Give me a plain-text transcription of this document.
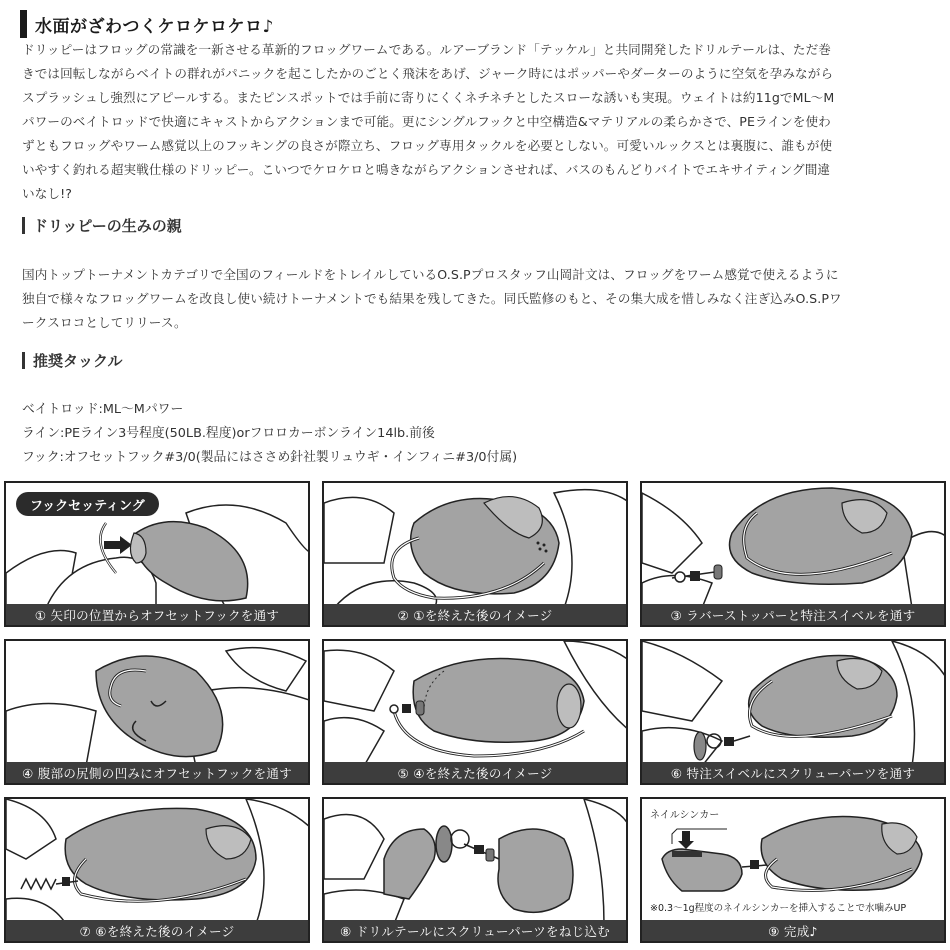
水面がざわつくケロケロケロ♪
ドリッピーはフロッグの常識を一新させる革新的フロッグワームである。ルアーブランド「テッケル」と共同開発したドリルテールは、ただ巻
きでは回転しながらベイトの群れがパニックを起こしたかのごとく飛沫をあげ、ジャーク時にはポッパーやダーターのように空気を孕みながら
スプラッシュし強烈にアピールする。またピンスポットでは手前に寄りにくくネチネチとしたスローな誘いも実現。ウェイトは約11gでML～M
パワーのベイトロッドで快適にキャストからアクションまで可能。更にシングルフックと中空構造&マテリアルの柔らかさで、PEラインを使わ
ずともフロッグやワーム感覚以上のフッキングの良さが際立ち、フロッグ専用タックルを必要としない。可愛いルックスとは裏腹に、誰もが使
いやすく釣れる超実戦仕様のドリッピー。こいつでケロケロと鳴きながらアクションさせれば、バスのもんどりバイトでエキサイティング間違
いなし!?
ドリッピーの生みの親
国内トップトーナメントカテゴリで全国のフィールドをトレイルしているO.S.Pプロスタッフ山岡計文は、フロッグをワーム感覚で使えるように
独自で様々なフロッグワームを改良し使い続けトーナメントでも結果を残してきた。同氏監修のもと、その集大成を惜しみなく注ぎ込みO.S.Pワ
ークスロコとしてリリース。
推奨タックル
ベイトロッド:ML～Mパワー
ライン:PEライン3号程度(50LB.程度)orフロロカーボンライン14lb.前後
フック:オフセットフック#3/0(製品にはささめ針社製リュウギ・インフィニ#3/0付属)
フックセッティング
① 矢印の位置からオフセットフックを通す	② ①を終えた後のイメージ	③ ラバーストッパーと特注スイベルを通す
④ 腹部の尻側の凹みにオフセットフックを通す	⑤ ④を終えた後のイメージ	⑥ 特注スイベルにスクリューパーツを通す
⑦ ⑥を終えた後のイメージ	⑧ ドリルテールにスクリューパーツをねじ込む
ネイルシンカー
※0.3～1g程度のネイルシンカーを挿入することで水噛みUP
⑨ 完成♪
